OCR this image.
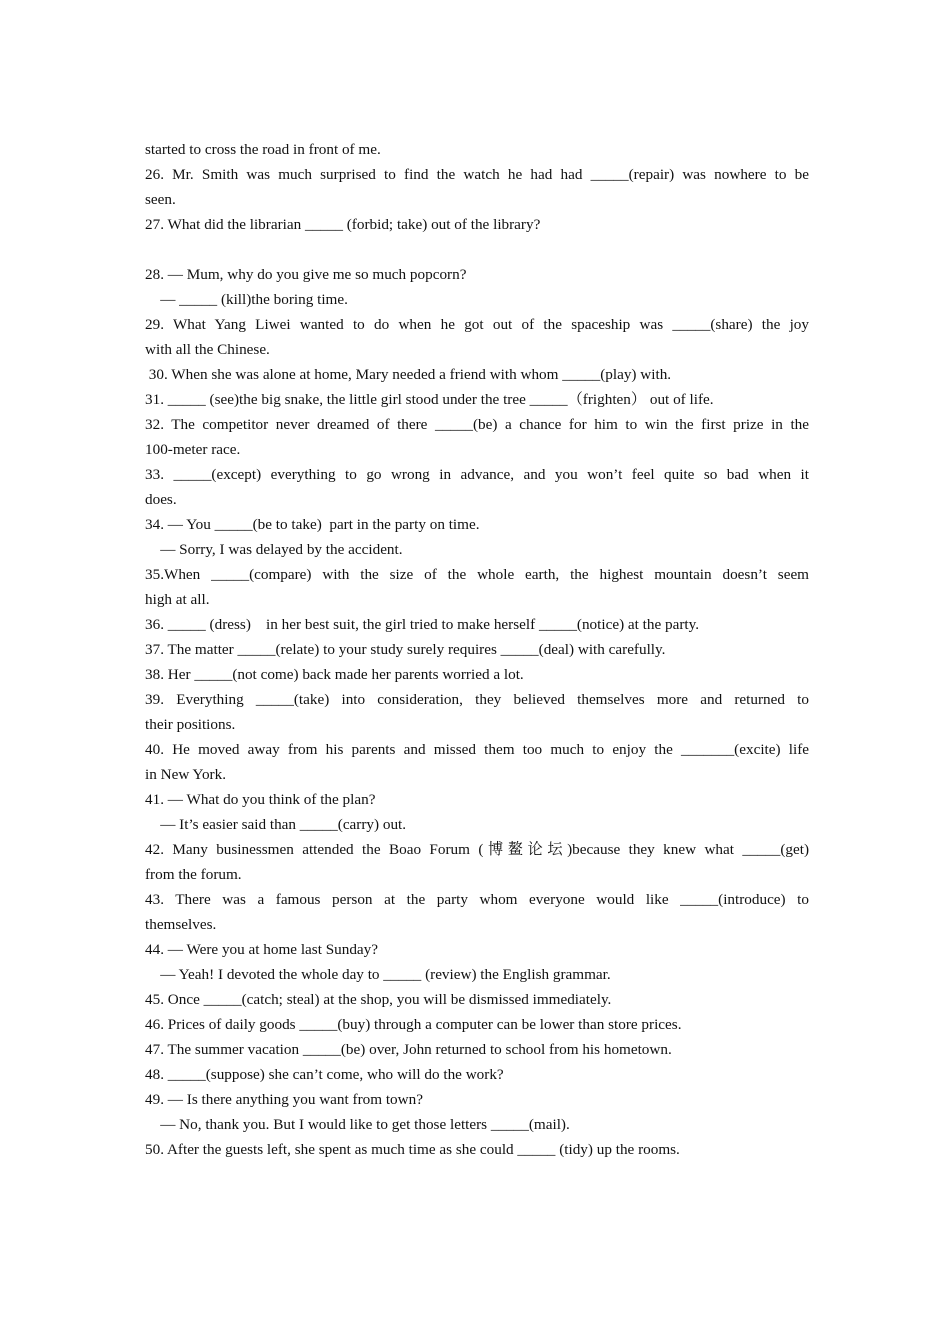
started to cross the road in front of me.
26. Mr. Smith was much surprised to find the watch he had had _____(repair) was nowhere to be
seen.
27. What did the librarian _____ (forbid; take) out of the library?
28. — Mum, why do you give me so much popcorn?
— _____ (kill)the boring time.
29. What Yang Liwei wanted to do when he got out of the spaceship was _____(share) the joy
with all the Chinese.
30. When she was alone at home, Mary needed a friend with whom _____(play) with.
31. _____ (see)the big snake, the little girl stood under the tree _____（frighten） out of life.
32. The competitor never dreamed of there _____(be) a chance for him to win the first prize in the
100-meter race.
33. _____(except) everything to go wrong in advance, and you won’t feel quite so bad when it
does.
34. — You _____(be to take)  part in the party on time.
— Sorry, I was delayed by the accident.
35.When _____(compare) with the size of the whole earth, the highest mountain doesn’t seem
high at all.
36. _____ (dress)    in her best suit, the girl tried to make herself _____(notice) at the party.
37. The matter _____(relate) to your study surely requires _____(deal) with carefully.
38. Her _____(not come) back made her parents worried a lot.
39. Everything _____(take) into consideration, they believed themselves more and returned to
their positions.
40. He moved away from his parents and missed them too much to enjoy the _______(excite) life
in New York.
41. — What do you think of the plan?
— It’s easier said than _____(carry) out.
42. Many businessmen attended the Boao Forum (博鳌论坛)because they knew what _____(get)
from the forum.
43. There was a famous person at the party whom everyone would like _____(introduce) to
themselves.
44. — Were you at home last Sunday?
— Yeah! I devoted the whole day to _____ (review) the English grammar.
45. Once _____(catch; steal) at the shop, you will be dismissed immediately.
46. Prices of daily goods _____(buy) through a computer can be lower than store prices.
47. The summer vacation _____(be) over, John returned to school from his hometown.
48. _____(suppose) she can’t come, who will do the work?
49. — Is there anything you want from town?
— No, thank you. But I would like to get those letters _____(mail).
50. After the guests left, she spent as much time as she could _____ (tidy) up the rooms.
